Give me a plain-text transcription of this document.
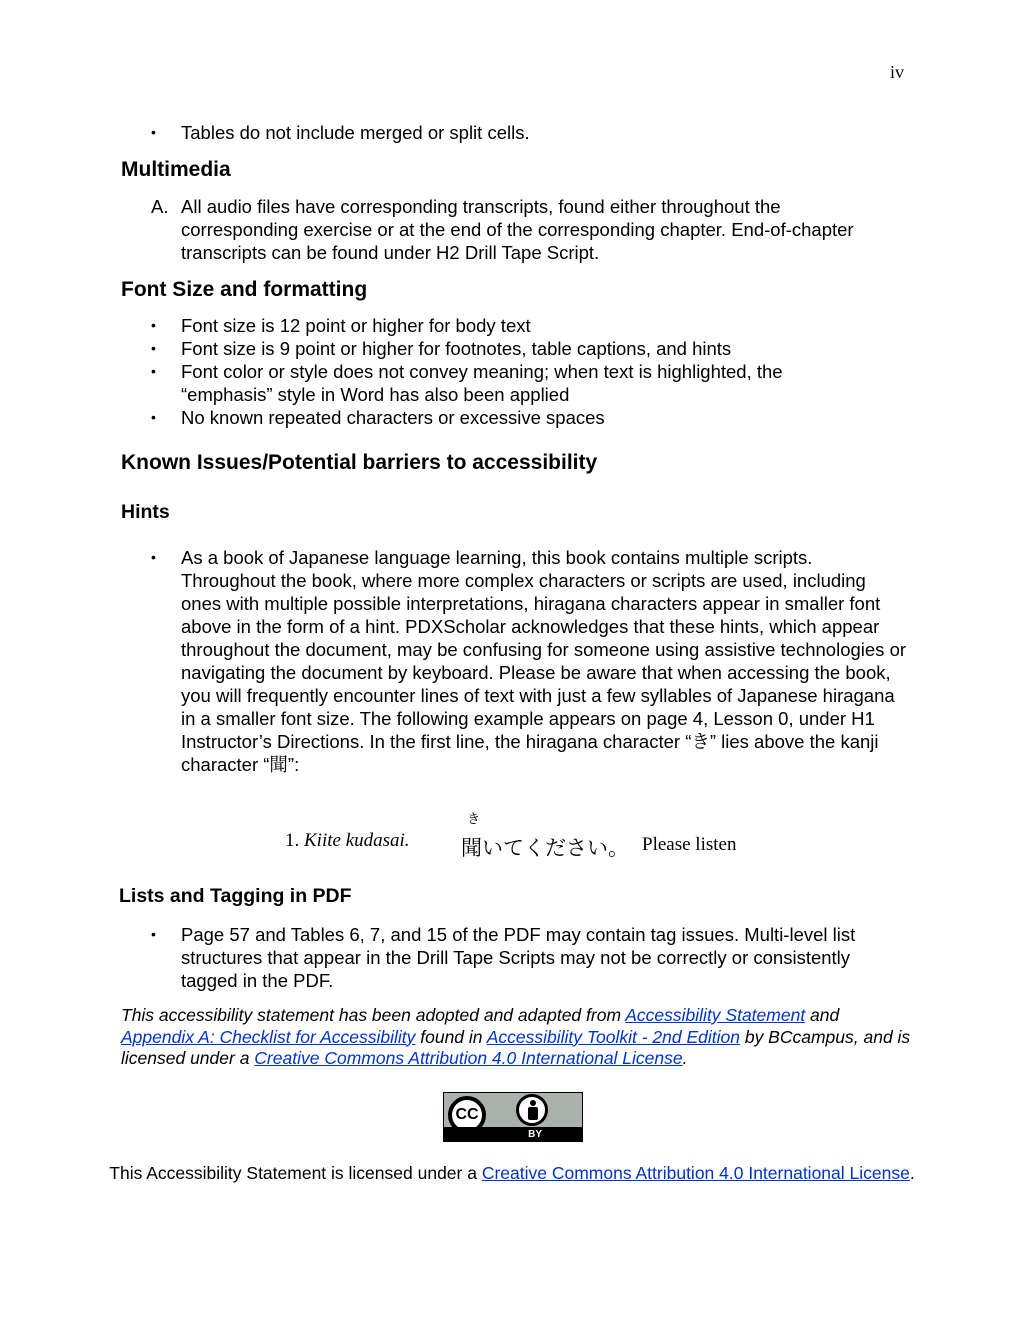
iv
• Tables do not include merged or split cells.
Multimedia
A. All audio files have corresponding transcripts, found either throughout the corresponding exercise or at the end of the corresponding chapter. End-of-chapter transcripts can be found under H2 Drill Tape Script.
Font Size and formatting
• Font size is 12 point or higher for body text
• Font size is 9 point or higher for footnotes, table captions, and hints
• Font color or style does not convey meaning; when text is highlighted, the “emphasis” style in Word has also been applied
• No known repeated characters or excessive spaces
Known Issues/Potential barriers to accessibility
Hints
• As a book of Japanese language learning, this book contains multiple scripts. Throughout the book, where more complex characters or scripts are used, including ones with multiple possible interpretations, hiragana characters appear in smaller font above in the form of a hint. PDXScholar acknowledges that these hints, which appear throughout the document, may be confusing for someone using assistive technologies or navigating the document by keyboard. Please be aware that when accessing the book, you will frequently encounter lines of text with just a few syllables of Japanese hiragana in a smaller font size. The following example appears on page 4, Lesson 0, under H1 Instructor’s Directions. In the first line, the hiragana character “き” lies above the kanji character “聞”:
1. Kiite kudasai.
き
聞いてください。 Please listen
Lists and Tagging in PDF
• Page 57 and Tables 6, 7, and 15 of the PDF may contain tag issues. Multi-level list structures that appear in the Drill Tape Scripts may not be correctly or consistently tagged in the PDF.
This accessibility statement has been adopted and adapted from Accessibility Statement and Appendix A: Checklist for Accessibility found in Accessibility Toolkit - 2nd Edition by BCcampus, and is licensed under a Creative Commons Attribution 4.0 International License.
CC
BY
This Accessibility Statement is licensed under a Creative Commons Attribution 4.0 International License.
